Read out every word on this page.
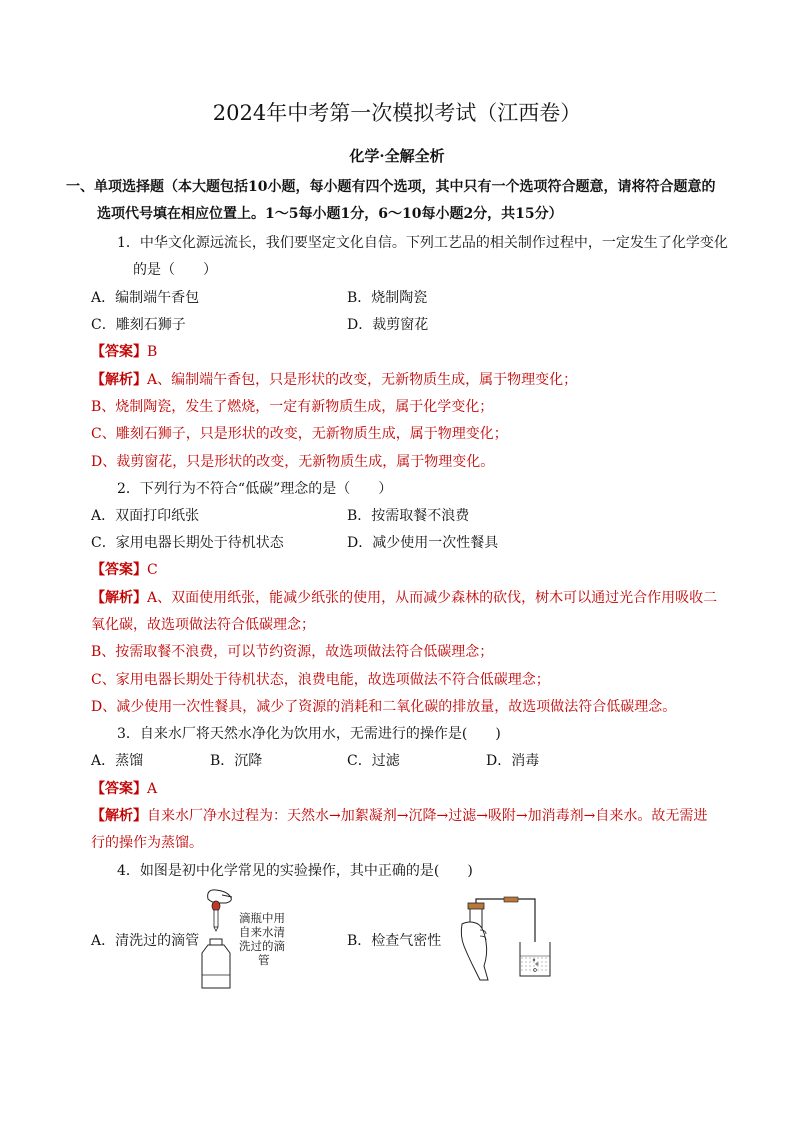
2024年中考第一次模拟考试（江西卷）
化学·全解全析
一、单项选择题（本大题包括10小题，每小题有四个选项，其中只有一个选项符合题意，请将符合题意的
选项代号填在相应位置上。1～5每小题1分，6～10每小题2分，共15分）
1．中华文化源远流长，我们要坚定文化自信。下列工艺品的相关制作过程中，一定发生了化学变化
的是（　　）
A．编制端午香包	B．烧制陶瓷
C．雕刻石狮子	D．裁剪窗花
【答案】B
【解析】A、编制端午香包，只是形状的改变，无新物质生成，属于物理变化；
B、烧制陶瓷，发生了燃烧，一定有新物质生成，属于化学变化；
C、雕刻石狮子，只是形状的改变，无新物质生成，属于物理变化；
D、裁剪窗花，只是形状的改变，无新物质生成，属于物理变化。
2．下列行为不符合“低碳”理念的是（　　）
A．双面打印纸张	B．按需取餐不浪费
C．家用电器长期处于待机状态	D．减少使用一次性餐具
【答案】C
【解析】A、双面使用纸张，能减少纸张的使用，从而减少森林的砍伐，树木可以通过光合作用吸收二
氧化碳，故选项做法符合低碳理念；
B、按需取餐不浪费，可以节约资源，故选项做法符合低碳理念；
C、家用电器长期处于待机状态，浪费电能，故选项做法不符合低碳理念；
D、减少使用一次性餐具，减少了资源的消耗和二氧化碳的排放量，故选项做法符合低碳理念。
3．自来水厂将天然水净化为饮用水，无需进行的操作是(　　)
A．蒸馏	B．沉降	C．过滤	D．消毒
【答案】A
【解析】自来水厂净水过程为：天然水→加絮凝剂→沉降→过滤→吸附→加消毒剂→自来水。故无需进
行的操作为蒸馏。
4．如图是初中化学常见的实验操作，其中正确的是(　　)
A．清洗过的滴管	B．检查气密性
滴瓶中用
自来水清
洗过的滴
管
